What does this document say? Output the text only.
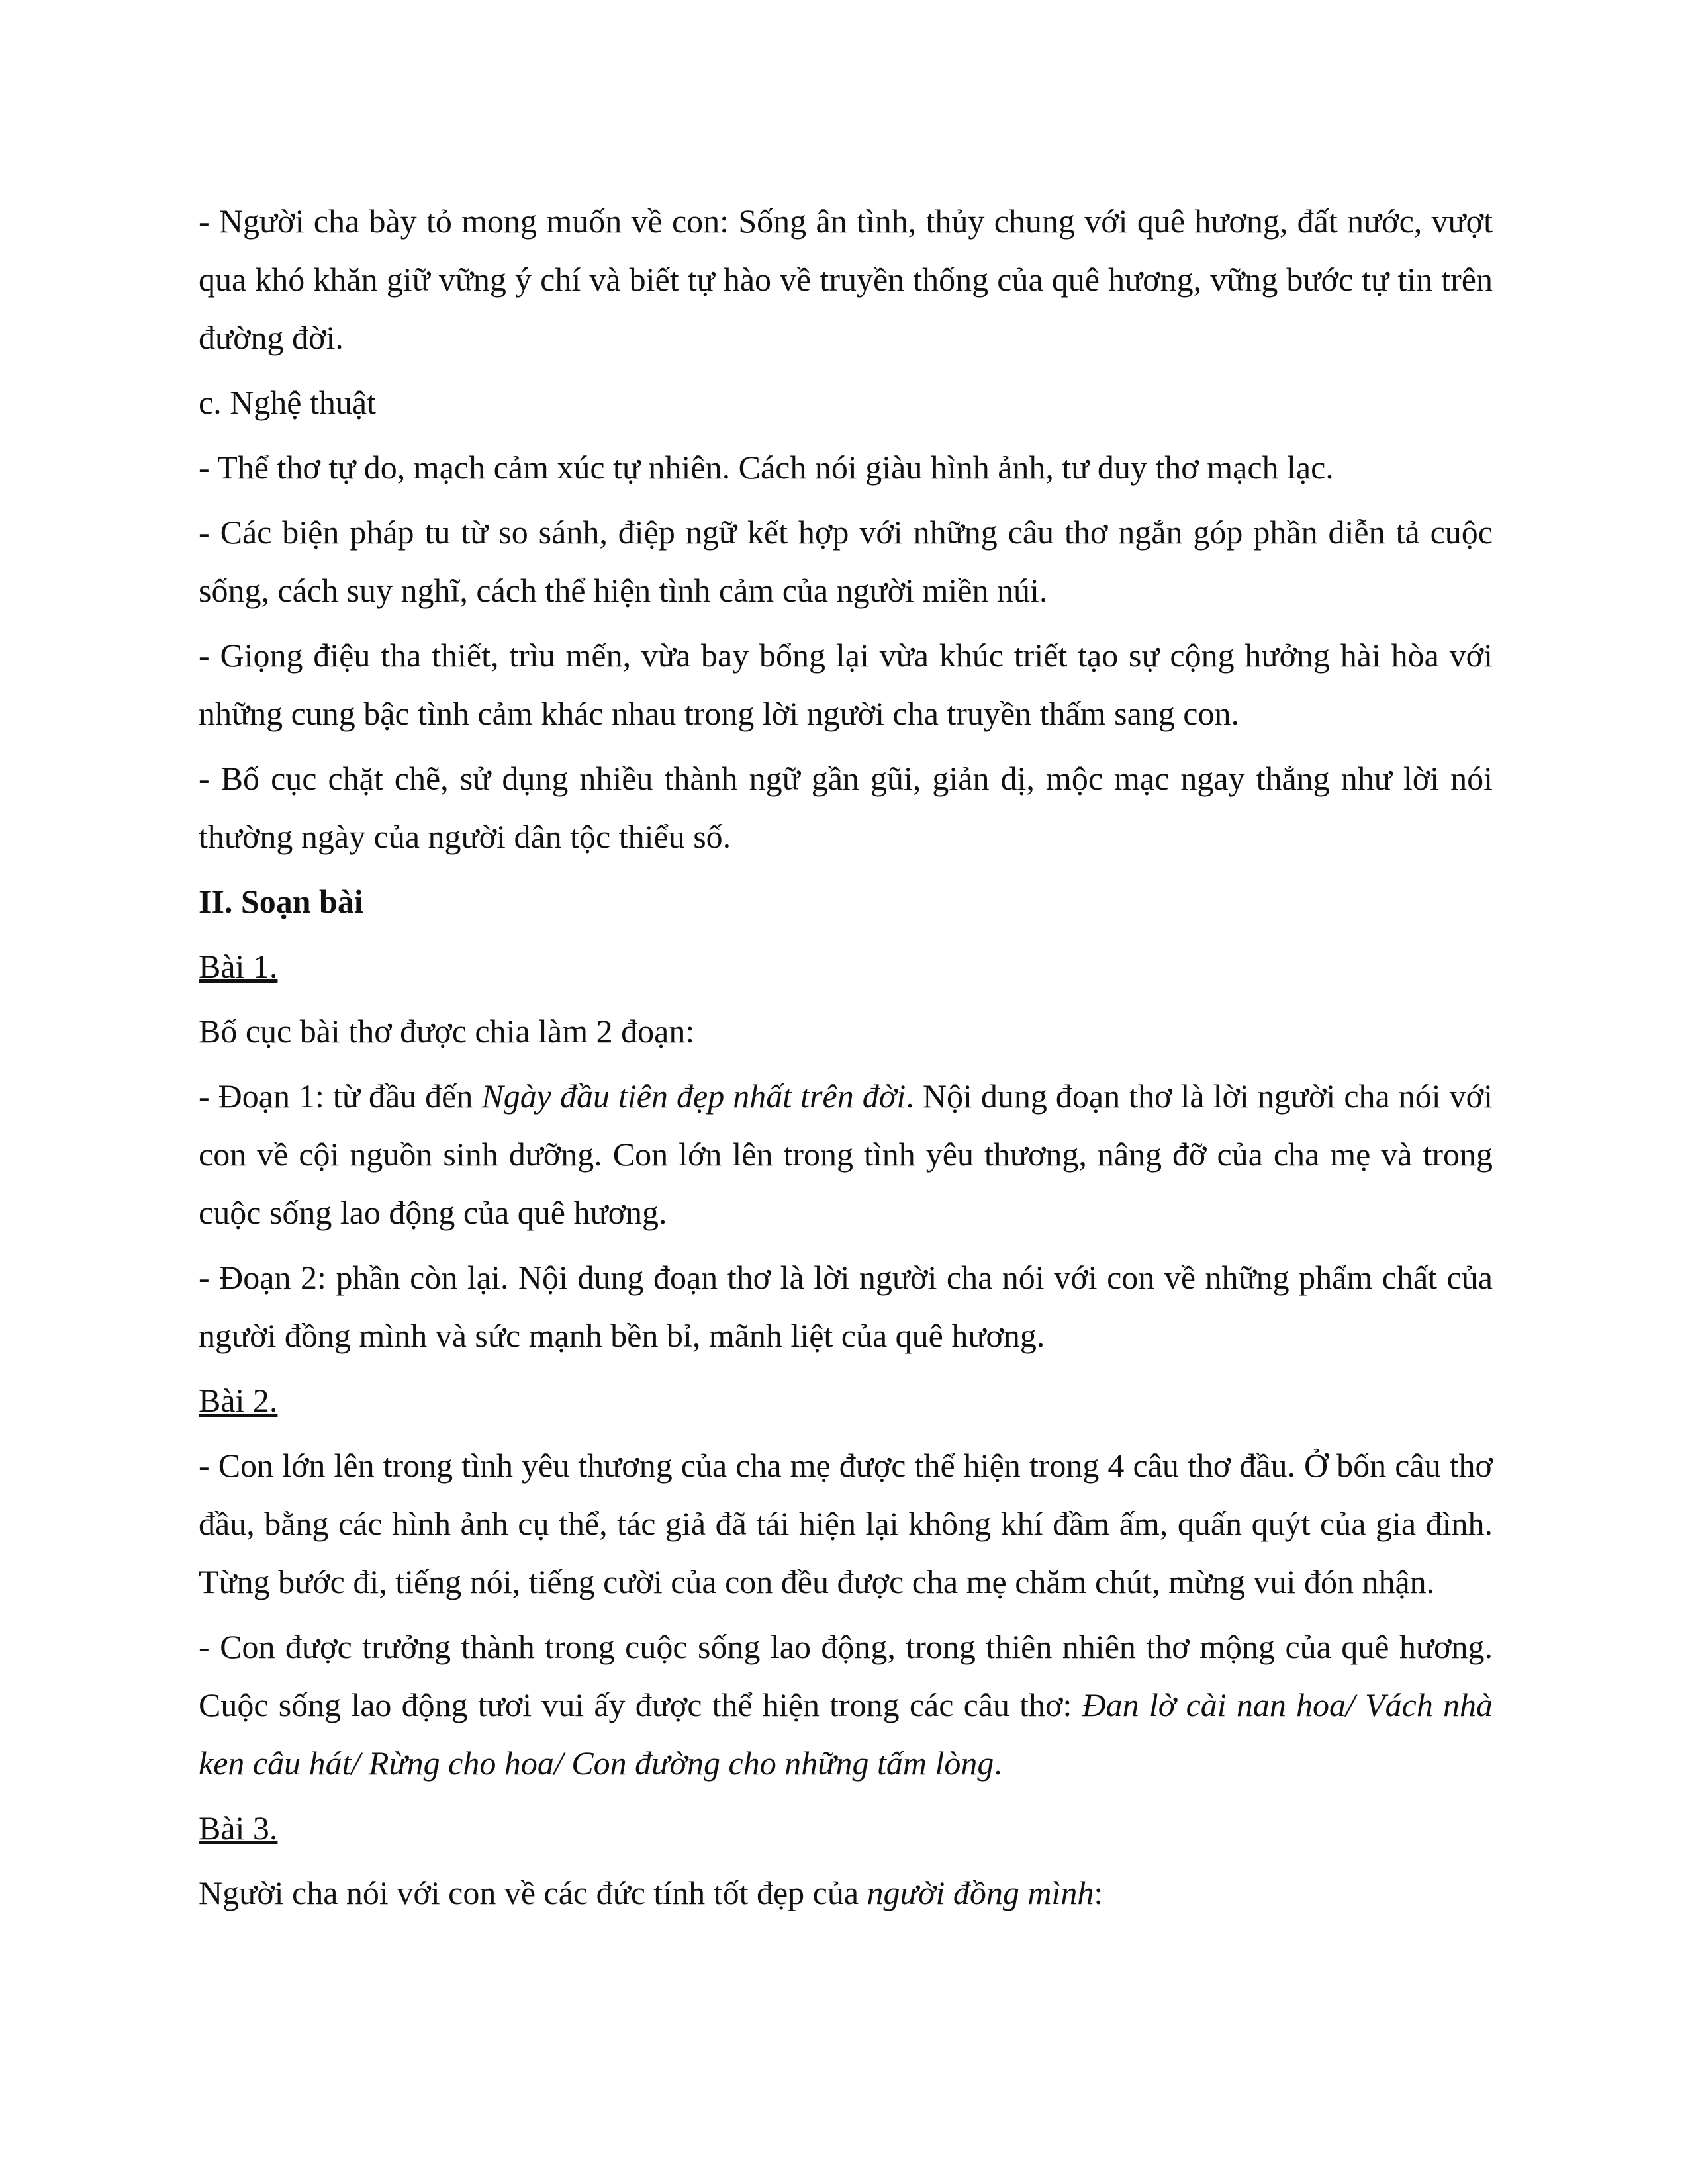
- Người cha bày tỏ mong muốn về con: Sống ân tình, thủy chung với quê hương, đất nước, vượt qua khó khăn giữ vững ý chí và biết tự hào về truyền thống của quê hương, vững bước tự tin trên đường đời.

c. Nghệ thuật

- Thể thơ tự do, mạch cảm xúc tự nhiên. Cách nói giàu hình ảnh, tư duy thơ mạch lạc.

- Các biện pháp tu từ so sánh, điệp ngữ kết hợp với những câu thơ ngắn góp phần diễn tả cuộc sống, cách suy nghĩ, cách thể hiện tình cảm của người miền núi.

- Giọng điệu tha thiết, trìu mến, vừa bay bổng lại vừa khúc triết tạo sự cộng hưởng hài hòa với những cung bậc tình cảm khác nhau trong lời người cha truyền thấm sang con.

- Bố cục chặt chẽ, sử dụng nhiều thành ngữ gần gũi, giản dị, mộc mạc ngay thẳng như lời nói thường ngày của người dân tộc thiểu số.

II. Soạn bài

Bài 1.

Bố cục bài thơ được chia làm 2 đoạn:

- Đoạn 1: từ đầu đến Ngày đầu tiên đẹp nhất trên đời. Nội dung đoạn thơ là lời người cha nói với con về cội nguồn sinh dưỡng. Con lớn lên trong tình yêu thương, nâng đỡ của cha mẹ và trong cuộc sống lao động của quê hương.

- Đoạn 2: phần còn lại. Nội dung đoạn thơ là lời người cha nói với con về những phẩm chất của người đồng mình và sức mạnh bền bỉ, mãnh liệt của quê hương.

Bài 2.

- Con lớn lên trong tình yêu thương của cha mẹ được thể hiện trong 4 câu thơ đầu. Ở bốn câu thơ đầu, bằng các hình ảnh cụ thể, tác giả đã tái hiện lại không khí đầm ấm, quấn quýt của gia đình. Từng bước đi, tiếng nói, tiếng cười của con đều được cha mẹ chăm chút, mừng vui đón nhận.

- Con được trưởng thành trong cuộc sống lao động, trong thiên nhiên thơ mộng của quê hương. Cuộc sống lao động tươi vui ấy được thể hiện trong các câu thơ: Đan lờ cài nan hoa/ Vách nhà ken câu hát/ Rừng cho hoa/ Con đường cho những tấm lòng.

Bài 3.

Người cha nói với con về các đức tính tốt đẹp của người đồng mình:
